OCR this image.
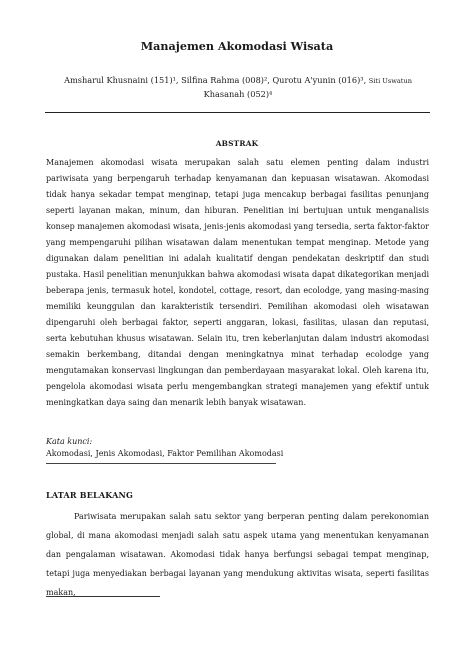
Manajemen Akomodasi Wisata
Amsharul Khusnaini (151)¹, Silfina Rahma (008)², Qurotu A'yunin (016)³, Siti Uswatun
Khasanah (052)⁴
ABSTRAK
Manajemen akomodasi wisata merupakan salah satu elemen penting dalam industri pariwisata yang berpengaruh terhadap kenyamanan dan kepuasan wisatawan. Akomodasi tidak hanya sekadar tempat menginap, tetapi juga mencakup berbagai fasilitas penunjang seperti layanan makan, minum, dan hiburan. Penelitian ini bertujuan untuk menganalisis konsep manajemen akomodasi wisata, jenis-jenis akomodasi yang tersedia, serta faktor-faktor yang mempengaruhi pilihan wisatawan dalam menentukan tempat menginap. Metode yang digunakan dalam penelitian ini adalah kualitatif dengan pendekatan deskriptif dan studi pustaka. Hasil penelitian menunjukkan bahwa akomodasi wisata dapat dikategorikan menjadi beberapa jenis, termasuk hotel, kondotel, cottage, resort, dan ecolodge, yang masing-masing memiliki keunggulan dan karakteristik tersendiri. Pemilihan akomodasi oleh wisatawan dipengaruhi oleh berbagai faktor, seperti anggaran, lokasi, fasilitas, ulasan dan reputasi, serta kebutuhan khusus wisatawan. Selain itu, tren keberlanjutan dalam industri akomodasi semakin berkembang, ditandai dengan meningkatnya minat terhadap ecolodge yang mengutamakan konservasi lingkungan dan pemberdayaan masyarakat lokal. Oleh karena itu, pengelola akomodasi wisata perlu mengembangkan strategi manajemen yang efektif untuk meningkatkan daya saing dan menarik lebih banyak wisatawan.
Kata kunci:
Akomodasi, Jenis Akomodasi, Faktor Pemilihan Akomodasi
LATAR BELAKANG
Pariwisata merupakan salah satu sektor yang berperan penting dalam perekonomian global, di mana akomodasi menjadi salah satu aspek utama yang menentukan kenyamanan dan pengalaman wisatawan. Akomodasi tidak hanya berfungsi sebagai tempat menginap, tetapi juga menyediakan berbagai layanan yang mendukung aktivitas wisata, seperti fasilitas makan,
